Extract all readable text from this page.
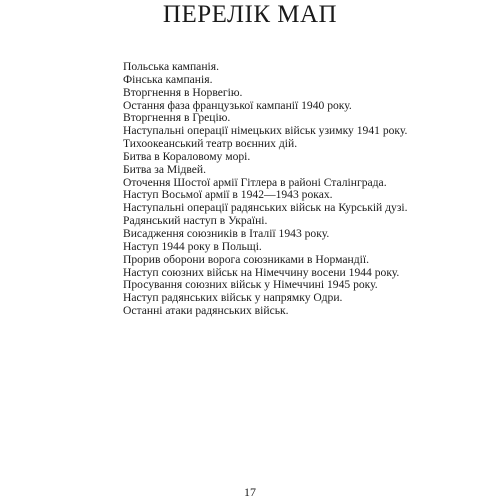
ПЕРЕЛІК МАП
Польська кампанія.
Фінська кампанія.
Вторгнення в Норвегію.
Остання фаза французької кампанії 1940 року.
Вторгнення в Грецію.
Наступальні операції німецьких військ узимку 1941 року.
Тихоокеанський театр воєнних дій.
Битва в Кораловому морі.
Битва за Мідвей.
Оточення Шостої армії Гітлера в районі Сталінграда.
Наступ Восьмої армії в 1942—1943 роках.
Наступальні операції радянських військ на Курській дузі.
Радянський наступ в Україні.
Висадження союзників в Італії 1943 року.
Наступ 1944 року в Польщі.
Прорив оборони ворога союзниками в Нормандії.
Наступ союзних військ на Німеччину восени 1944 року.
Просування союзних військ у Німеччині 1945 року.
Наступ радянських військ у напрямку Одри.
Останні атаки радянських військ.
17
